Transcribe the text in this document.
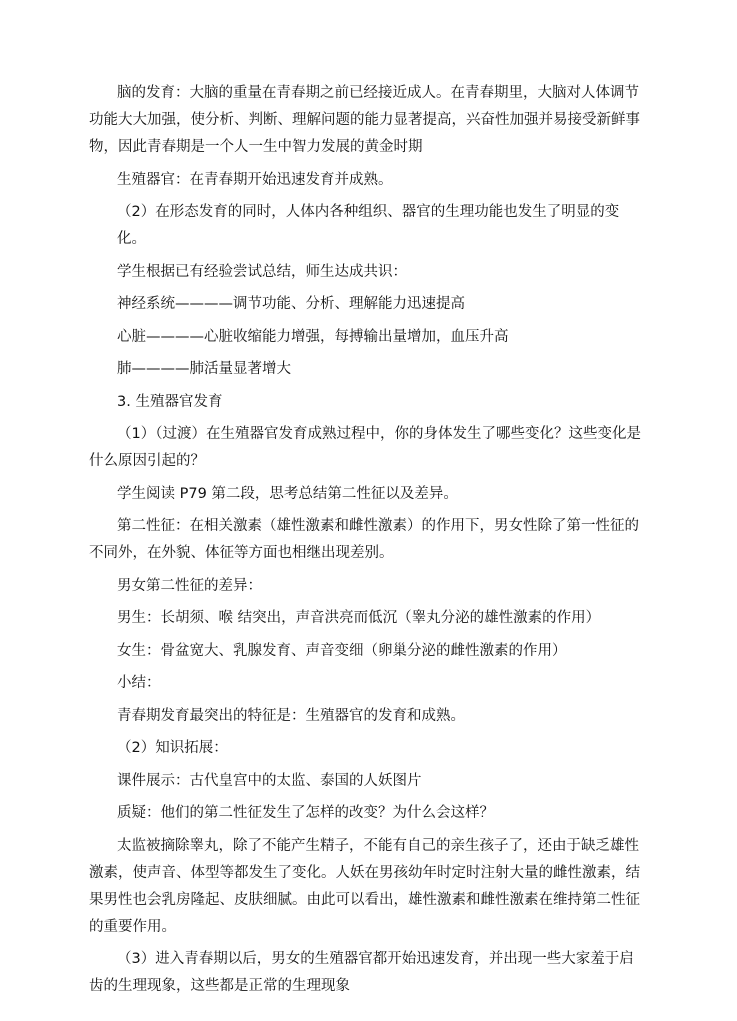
脑的发育：大脑的重量在青春期之前已经接近成人。在青春期里，大脑对人体调节功能大大加强，使分析、判断、理解问题的能力显著提高，兴奋性加强并易接受新鲜事物，因此青春期是一个人一生中智力发展的黄金时期

生殖器官：在青春期开始迅速发育并成熟。

（2）在形态发育的同时，人体内各种组织、器官的生理功能也发生了明显的变化。

学生根据已有经验尝试总结，师生达成共识：

神经系统————调节功能、分析、理解能力迅速提高

心脏————心脏收缩能力增强，每搏输出量增加，血压升高

肺————肺活量显著增大

3. 生殖器官发育

（1）（过渡）在生殖器官发育成熟过程中，你的身体发生了哪些变化？这些变化是什么原因引起的？

学生阅读 P79 第二段，思考总结第二性征以及差异。

第二性征：在相关激素（雄性激素和雌性激素）的作用下，男女性除了第一性征的不同外，在外貌、体征等方面也相继出现差别。

男女第二性征的差异：

男生：长胡须、喉 结突出，声音洪亮而低沉（睾丸分泌的雄性激素的作用）

女生：骨盆宽大、乳腺发育、声音变细（卵巢分泌的雌性激素的作用）

小结：

青春期发育最突出的特征是：生殖器官的发育和成熟。

（2）知识拓展：

课件展示：古代皇宫中的太监、泰国的人妖图片

质疑：他们的第二性征发生了怎样的改变？为什么会这样？

太监被摘除睾丸，除了不能产生精子，不能有自己的亲生孩子了，还由于缺乏雄性激素，使声音、体型等都发生了变化。人妖在男孩幼年时定时注射大量的雌性激素，结果男性也会乳房隆起、皮肤细腻。由此可以看出，雄性激素和雌性激素在维持第二性征的重要作用。

（3）进入青春期以后，男女的生殖器官都开始迅速发育，并出现一些大家羞于启齿的生理现象，这些都是正常的生理现象
